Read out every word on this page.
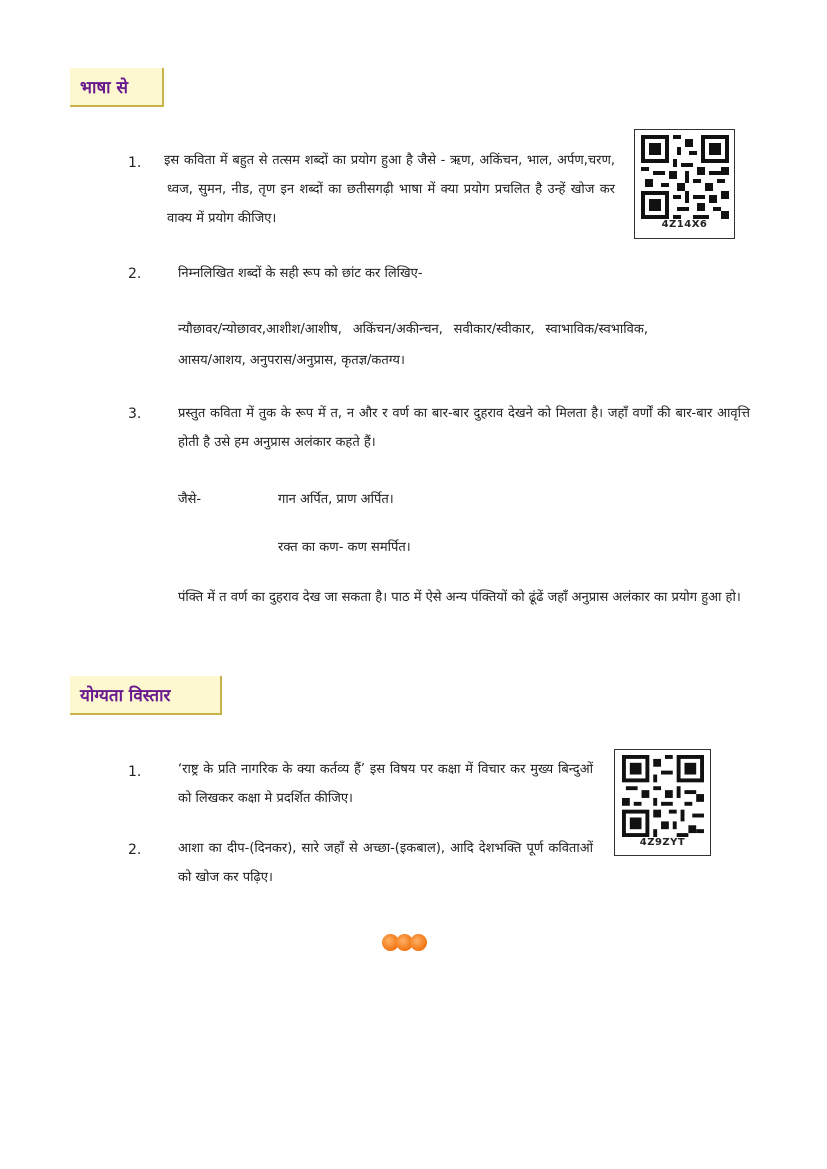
भाषा से
1. इस कविता में बहुत से तत्सम शब्दों का प्रयोग हुआ है जैसे - ऋण, अकिंचन, भाल, अर्पण,चरण, ध्वज, सुमन, नीड, तृण इन शब्दों का छतीसगढ़ी भाषा में क्या प्रयोग प्रचलित है उन्हें खोज कर वाक्य में प्रयोग कीजिए।	4Z14X6
2.	निम्नलिखित शब्दों के सही रूप को छांट कर लिखिए-

न्यौछावर/न्योछावर,आशीश/आशीष, अकिंचन/अकीन्चन, सवीकार/स्वीकार, स्वाभाविक/स्वभाविक, आसय/आशय, अनुपरास/अनुप्रास, कृतज्ञ/कतग्य।

3.	प्रस्तुत कविता में तुक के रूप में त, न और र वर्ण का बार-बार दुहराव देखने को मिलता है। जहाँ वर्णों की बार-बार आवृत्ति होती है उसे हम अनुप्रास अलंकार कहते हैं।

जैसे-	गान अर्पित, प्राण अर्पित।
रक्त का कण- कण समर्पित।

पंक्ति में त वर्ण का दुहराव देख जा सकता है। पाठ में ऐसे अन्य पंक्तियों को ढूंढें जहाँ अनुप्रास अलंकार का प्रयोग हुआ हो।

योग्यता विस्तार
1.	‘राष्ट्र के प्रति नागरिक के क्या कर्तव्य हैं’ इस विषय पर कक्षा में विचार कर मुख्य बिन्दुओं को लिखकर कक्षा मे प्रदर्शित कीजिए।

2.	आशा का दीप-(दिनकर), सारे जहाँ से अच्छा-(इकबाल), आदि देशभक्ति पूर्ण कविताओं को खोज कर पढ़िए।

4Z9ZYT
